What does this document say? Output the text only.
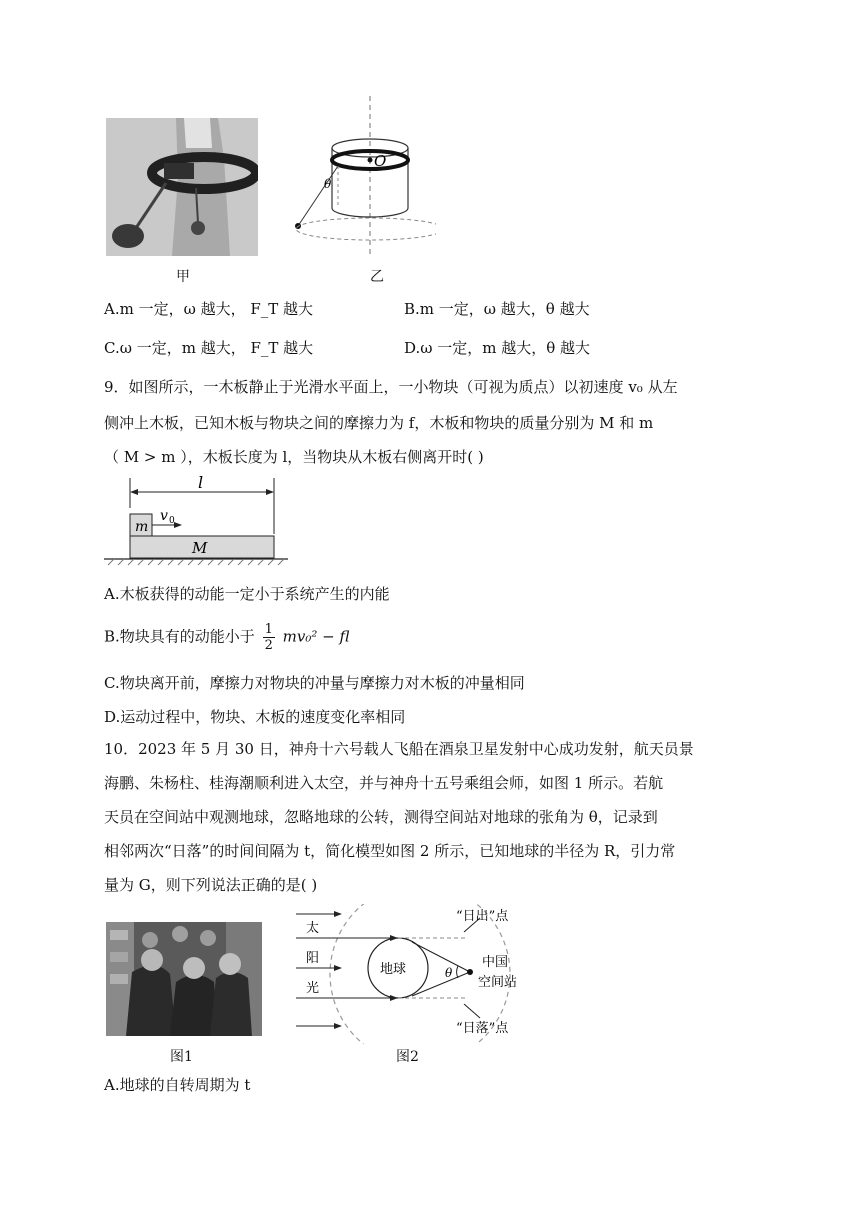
甲
O
θ
乙
A.m 一定，ω 越大， F_T 越大	B.m 一定，ω 越大，θ 越大
C.ω 一定，m 越大， F_T 越大	D.ω 一定，m 越大，θ 越大
9．如图所示，一木板静止于光滑水平面上，一小物块（可视为质点）以初速度 v₀ 从左
侧冲上木板，已知木板与物块之间的摩擦力为 f，木板和物块的质量分别为 M 和 m
（ M > m ），木板长度为 l，当物块从木板右侧离开时( )
l
m
v 0
M
A.木板获得的动能一定小于系统产生的内能
B.物块具有的动能小于 $\frac{1}{2} mv_0^2$ − fl
C.物块离开前，摩擦力对物块的冲量与摩擦力对木板的冲量相同
D.运动过程中，物块、木板的速度变化率相同
10．2023 年 5 月 30 日，神舟十六号载人飞船在酒泉卫星发射中心成功发射，航天员景
海鹏、朱杨柱、桂海潮顺利进入太空，并与神舟十五号乘组会师，如图 1 所示。若航
天员在空间站中观测地球，忽略地球的公转，测得空间站对地球的张角为 θ，记录到
相邻两次“日落”的时间间隔为 t，简化模型如图 2 所示，已知地球的半径为 R，引力常
量为 G，则下列说法正确的是( )
图1
地球
太
阳
光
θ
“日出”点
“日落”点
中国
空间站
图2
A.地球的自转周期为 t
